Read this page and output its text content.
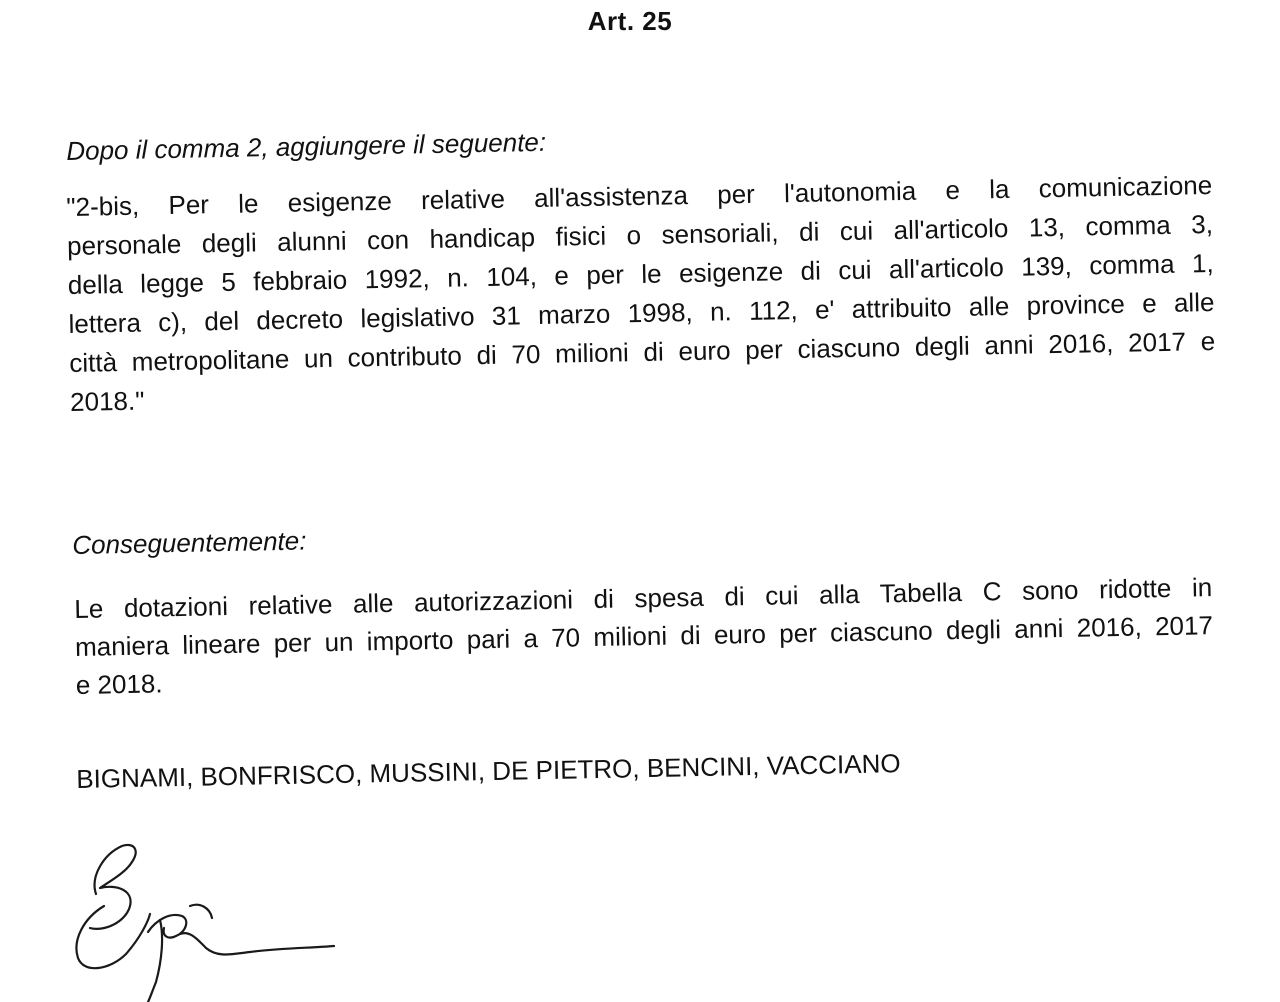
Art. 25
Dopo il comma 2, aggiungere il seguente:
"2-bis, Per le esigenze relative all'assistenza per l'autonomia e la comunicazione
personale degli alunni con handicap fisici o sensoriali, di cui all'articolo 13, comma 3,
della legge 5 febbraio 1992, n. 104, e per le esigenze di cui all'articolo 139, comma 1,
lettera c), del decreto legislativo 31 marzo 1998, n. 112, e' attribuito alle province e alle
città metropolitane un contributo di 70 milioni di euro per ciascuno degli anni 2016, 2017 e
2018."
Conseguentemente:
Le dotazioni relative alle autorizzazioni di spesa di cui alla Tabella C sono ridotte in
maniera lineare per un importo pari a 70 milioni di euro per ciascuno degli anni 2016, 2017
e 2018.
BIGNAMI, BONFRISCO, MUSSINI, DE PIETRO, BENCINI, VACCIANO
